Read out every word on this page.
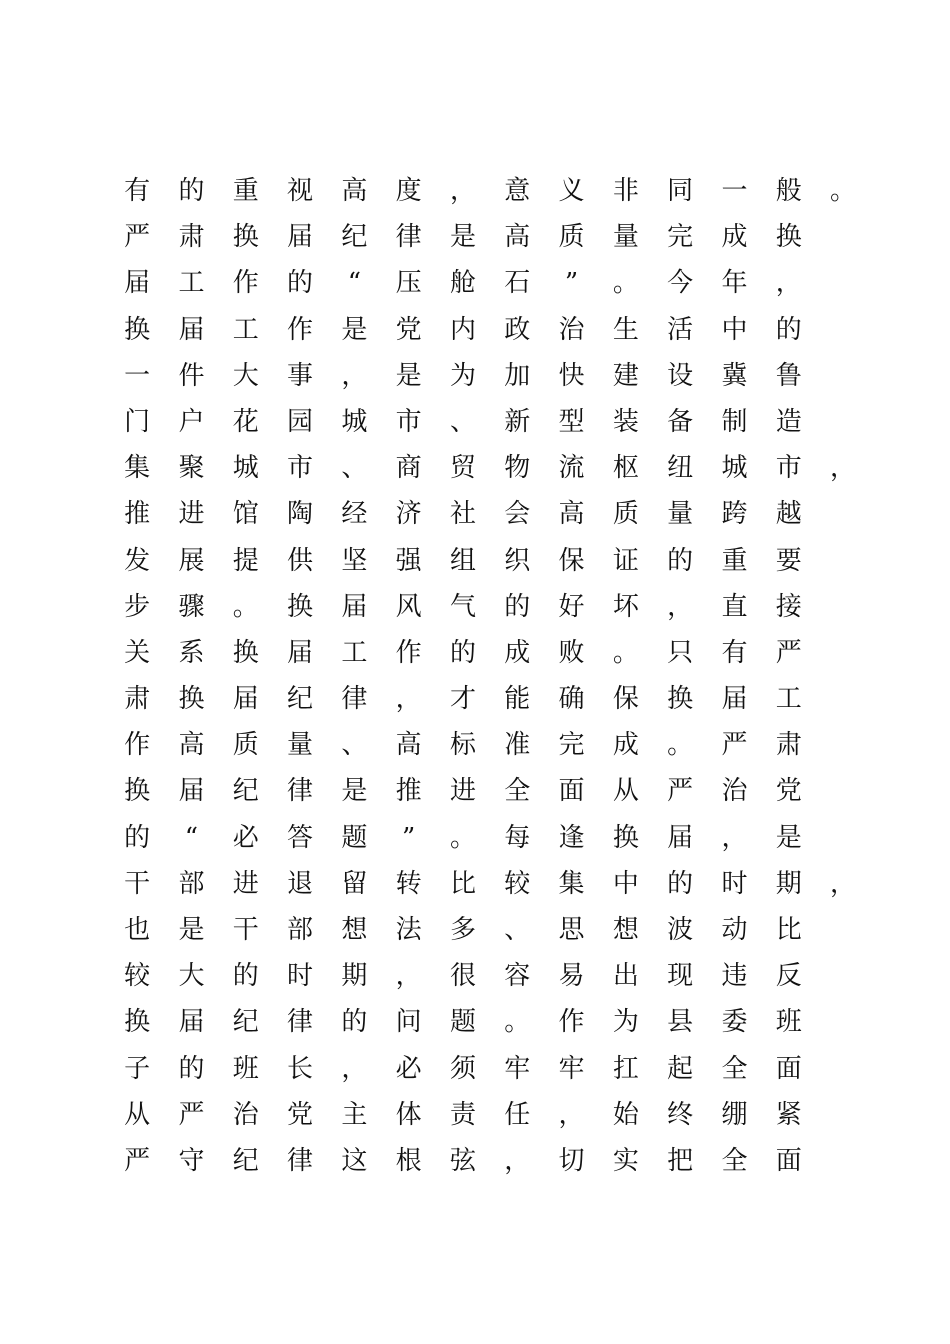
有	的	重	视	高	度	，	意	义	非	同	一	般	。
严	肃	换	届	纪	律	是	高	质	量	完	成	换
届	工	作	的	“	压	舱	石	”	。	今	年	，
换	届	工	作	是	党	内	政	治	生	活	中	的
一	件	大	事	，	是	为	加	快	建	设	冀	鲁
门	户	花	园	城	市	、	新	型	装	备	制	造
集	聚	城	市	、	商	贸	物	流	枢	纽	城	市	，
推	进	馆	陶	经	济	社	会	高	质	量	跨	越
发	展	提	供	坚	强	组	织	保	证	的	重	要
步	骤	。	换	届	风	气	的	好	坏	，	直	接
关	系	换	届	工	作	的	成	败	。	只	有	严
肃	换	届	纪	律	，	才	能	确	保	换	届	工
作	高	质	量	、	高	标	准	完	成	。	严	肃
换	届	纪	律	是	推	进	全	面	从	严	治	党
的	“	必	答	题	”	。	每	逢	换	届	，	是
干	部	进	退	留	转	比	较	集	中	的	时	期	，
也	是	干	部	想	法	多	、	思	想	波	动	比
较	大	的	时	期	，	很	容	易	出	现	违	反
换	届	纪	律	的	问	题	。	作	为	县	委	班
子	的	班	长	，	必	须	牢	牢	扛	起	全	面
从	严	治	党	主	体	责	任	，	始	终	绷	紧
严	守	纪	律	这	根	弦	，	切	实	把	全	面
